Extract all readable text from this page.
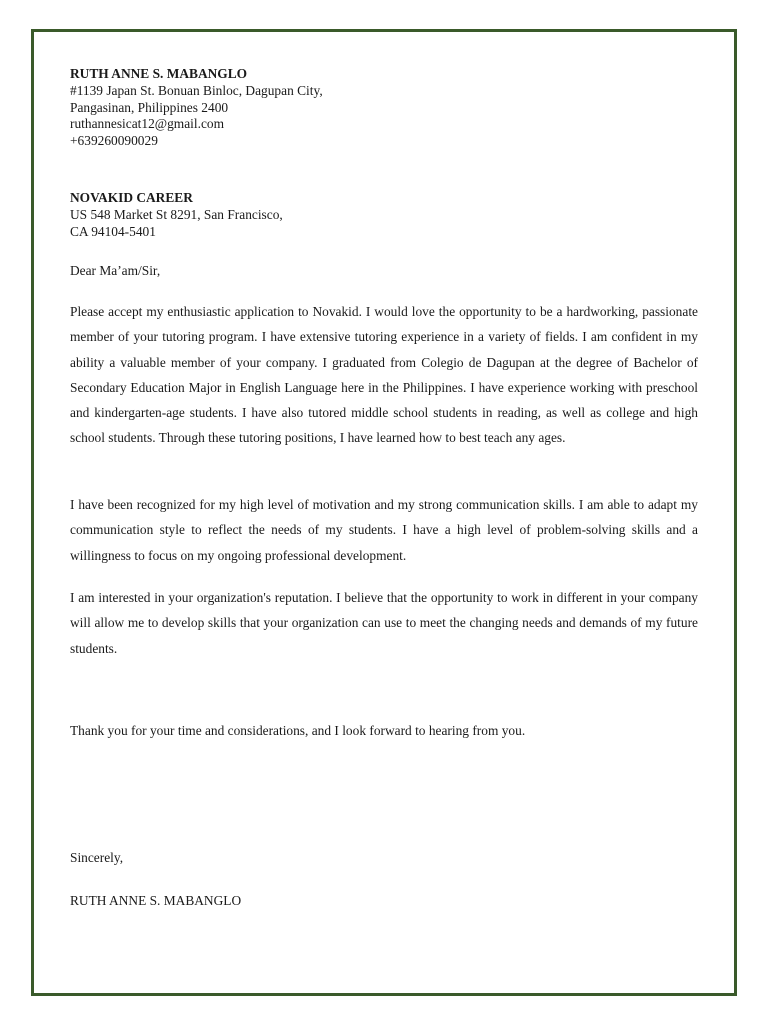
RUTH ANNE S. MABANGLO
#1139 Japan St. Bonuan Binloc, Dagupan City,
Pangasinan, Philippines 2400
ruthannesicat12@gmail.com
+639260090029
NOVAKID CAREER
US 548 Market St 8291, San Francisco,
CA 94104-5401
Dear Ma’am/Sir,

Please accept my enthusiastic application to Novakid. I would love the opportunity to be a hardworking, passionate member of your tutoring program. I have extensive tutoring experience in a variety of fields. I am confident in my ability a valuable member of your company. I graduated from Colegio de Dagupan at the degree of Bachelor of Secondary Education Major in English Language here in the Philippines. I have experience working with preschool and kindergarten-age students. I have also tutored middle school students in reading, as well as college and high school students. Through these tutoring positions, I have learned how to best teach any ages.

I have been recognized for my high level of motivation and my strong communication skills. I am able to adapt my communication style to reflect the needs of my students. I have a high level of problem-solving skills and a willingness to focus on my ongoing professional development.

I am interested in your organization's reputation. I believe that the opportunity to work in different in your company will allow me to develop skills that your organization can use to meet the changing needs and demands of my future students.

Thank you for your time and considerations, and I look forward to hearing from you.
Sincerely,
RUTH ANNE S. MABANGLO
